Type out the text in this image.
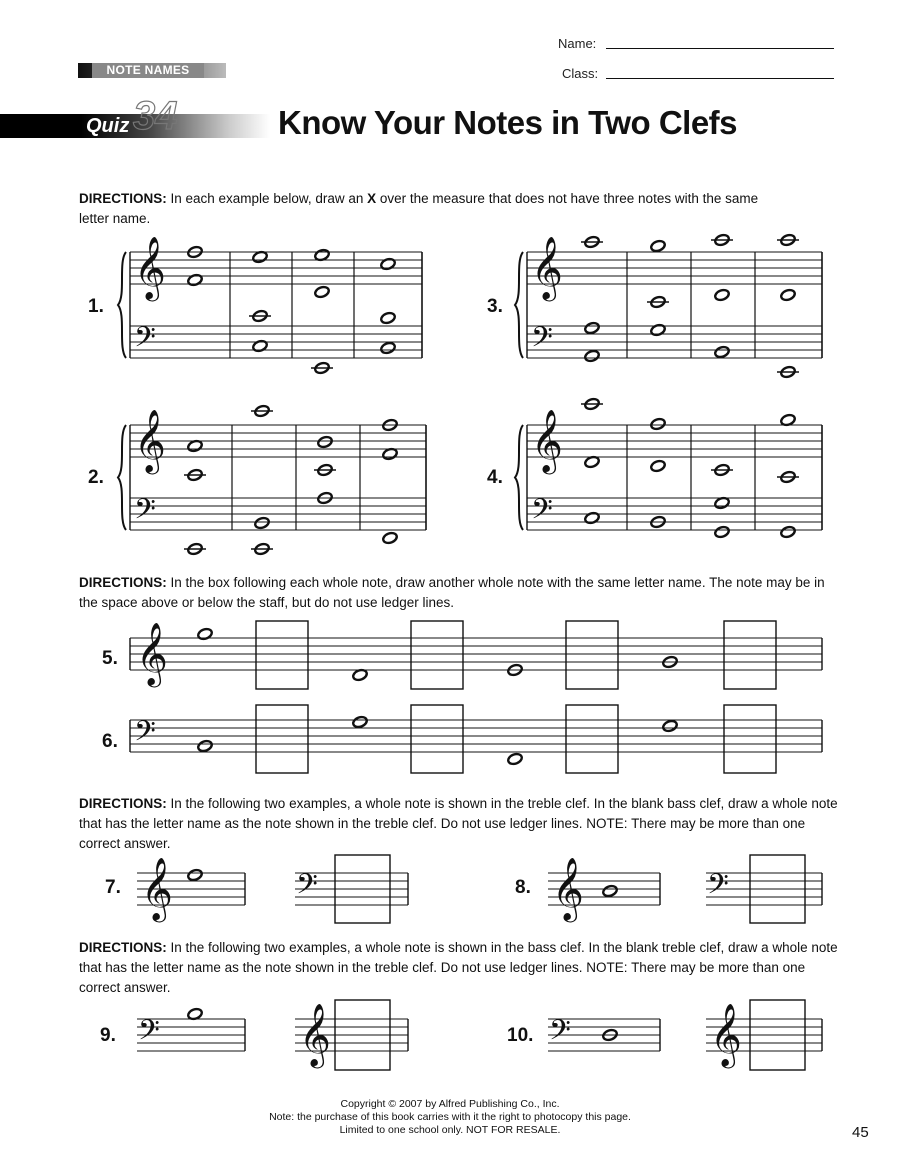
Name:
Class:
NOTE NAMES
34
Quiz	Know Your Notes in Two Clefs
DIRECTIONS: In each example below, draw an X over the measure that does not have three notes with the same letter name.
𝄞
𝄢
𝄞
𝄢
𝄞
𝄢
𝄞
𝄢
𝄞
𝄢
𝄞	𝄢	𝄞	𝄢
𝄢	𝄞	𝄢	𝄞
1.
2.
3.
4.
DIRECTIONS: In the box following each whole note, draw another whole note with the same letter name. The note may be in the space above or below the staff, but do not use ledger lines.
5.
6.
DIRECTIONS: In the following two examples, a whole note is shown in the treble clef. In the blank bass clef, draw a whole note that has the letter name as the note shown in the treble clef. Do not use ledger lines. NOTE: There may be more than one correct answer.
7.	8.
DIRECTIONS: In the following two examples, a whole note is shown in the bass clef. In the blank treble clef, draw a whole note that has the letter name as the note shown in the treble clef. Do not use ledger lines. NOTE: There may be more than one correct answer.
9.	10.
Copyright © 2007 by Alfred Publishing Co., Inc.
Note: the purchase of this book carries with it the right to photocopy this page.
Limited to one school only. NOT FOR RESALE.	45
